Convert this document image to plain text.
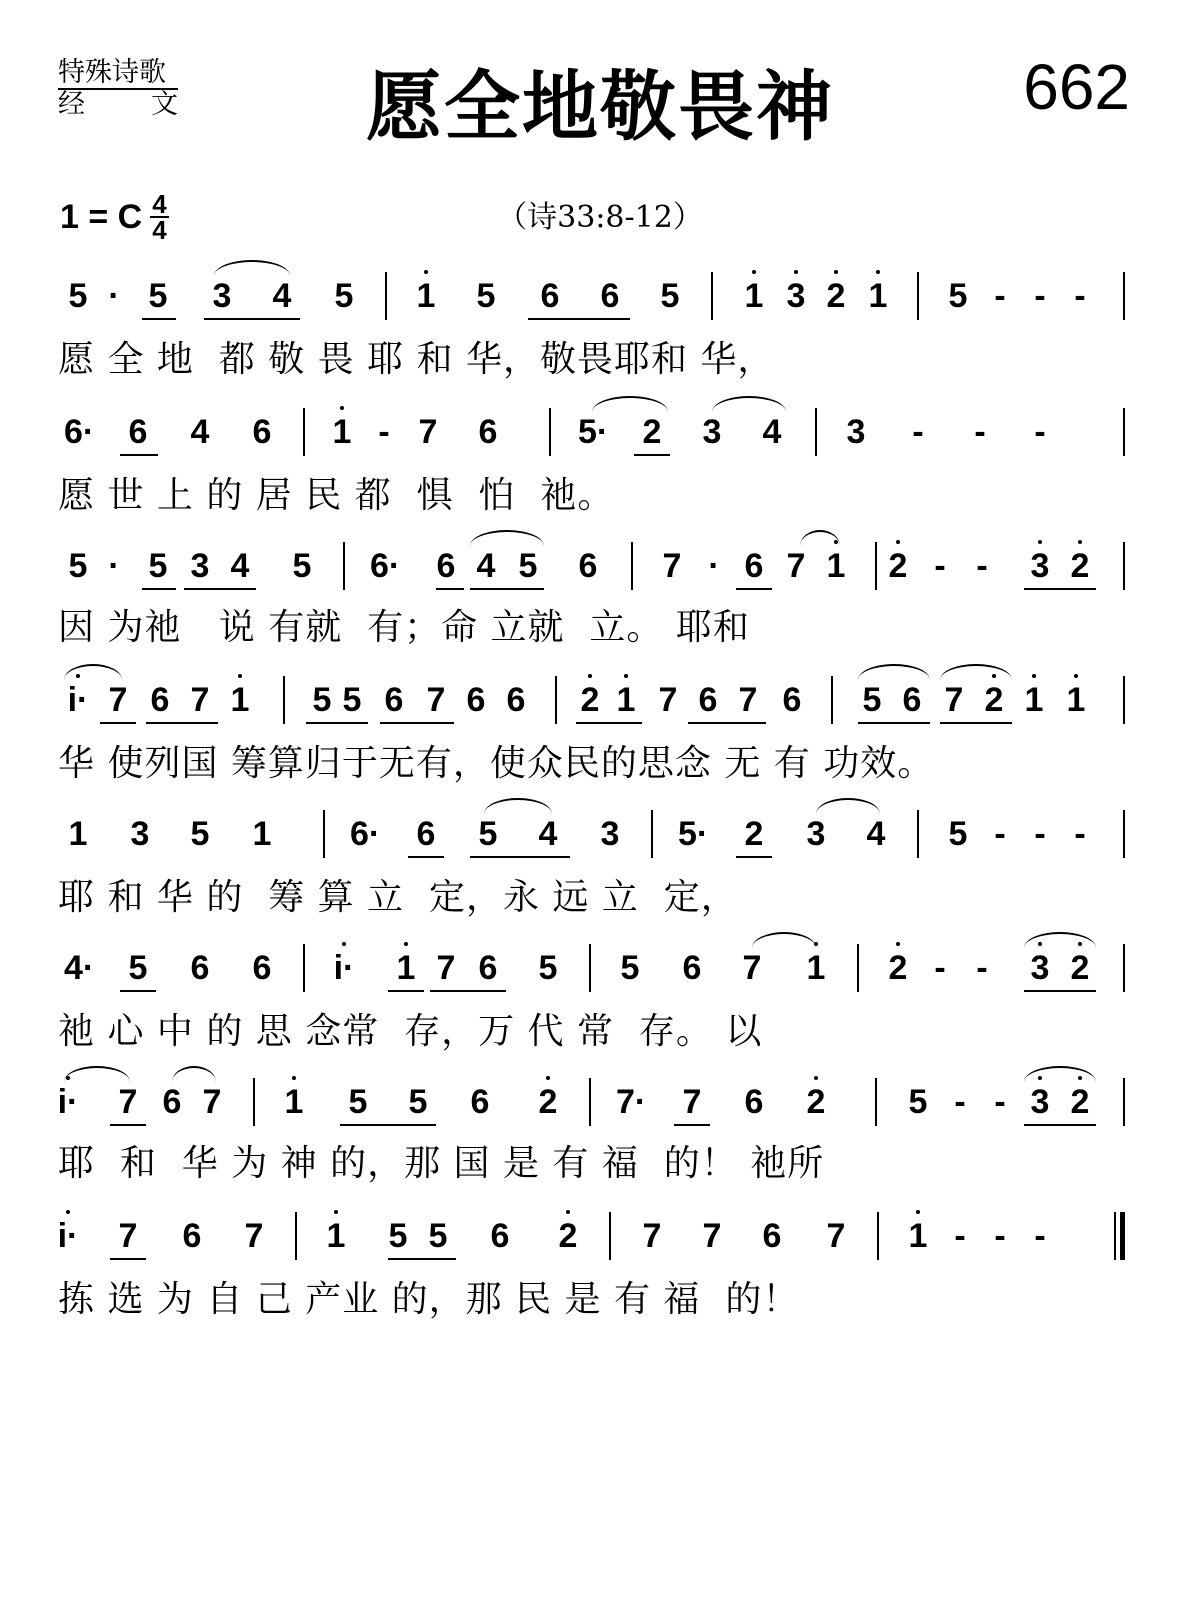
特殊诗歌
经 文	愿全地敬畏神	662
1 = C $\frac{4}{4}$	（诗33:8-12）
5 · 5 3 4 5 1 5 6 6 5 1 3 2 1 5 - - -
愿 全 地  都 敬 畏 耶 和 华，敬畏耶和 华，
6· 6 4 6 1 - 7 6 5· 2 3 4 3 - - -
愿 世 上 的 居 民 都  惧  怕  祂。
5 · 5 3 4 5 6· 6 4 5 6 7 · 6 7 1 2 - - 3 2
因 为祂   说 有就  有；命 立就  立。 耶和
i· 7 6 7 1 5 5 6 7 6 6 2 1 7 6 7 6 5 6 7 2 1 1
华 使列国 筹算归于无有，使众民的思念 无 有 功效。
1 3 5 1 6· 6 5 4 3 5· 2 3 4 5 - - -
耶 和 华 的  筹 算 立  定，永 远 立  定，
4· 5 6 6 i· 1 7 6 5 5 6 7 1 2 - - 3 2
祂 心 中 的 思 念常  存，万 代 常  存。 以
i· 7 6 7 1 5 5 6 2 7· 7 6 2 5 - - 3 2
耶  和  华 为 神 的，那 国 是 有 福  的！ 祂所
i· 7 6 7 1 5 5 6 2 7 7 6 7 1 - - -
拣 选 为 自 己 产业 的，那 民 是 有 福  的！
